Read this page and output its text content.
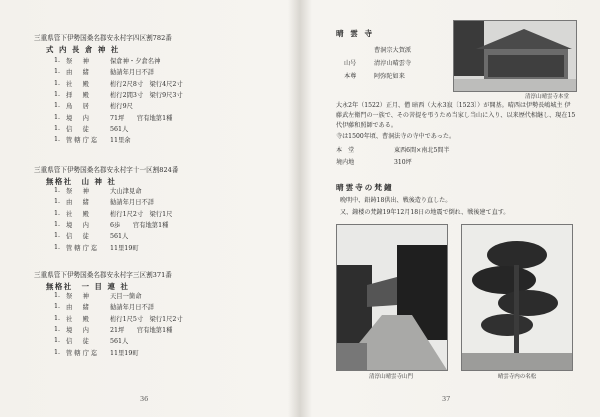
三重県管下伊勢国桑名郡安永村字四区割782番
式 内 長 倉 神 社
1. 祭　神	保倉神・夕倉名神
1. 由　緒	勧請年月日不詳
1. 社　殿	桁行2尺8寸　梁行4尺2寸
1. 拝　殿	桁行2間3寸　梁行9尺3寸
1. 鳥　居	桁行9尺
1. 境　内	71坪　　官有地第1種
1. 信　徒	561人
1. 管轄庁迄	11里余
三重県管下伊勢国桑名郡安永村字十一区割824番
無格社　山 神 社
1. 祭　神	大山津見命
1. 由　緒	勧請年月日不詳
1. 社　殿	桁行1尺2寸　梁行1尺
1. 境　内	6歩　　官有地第1種
1. 信　徒	561人
1. 管轄庁迄	11里19町
三重県管下伊勢国桑名郡安永村字三区割371番
無格社　一 目 連 社
1. 祭　神	天目一箇命
1. 由　緒	勧請年月日不詳
1. 社　殿	桁行1尺5寸　梁行1尺2寸
1. 境　内	21坪　　官有地第1種
1. 信　徒	561人
1. 管轄庁迄	11里19町
36
晴 雲 寺
曹洞宗大賀派
山号	清淳山晴雲寺
本尊	阿弥陀如来
清淳山晴雲寺本堂
大永2年（1522）正月、僧 暗西（大永3寂〔1523〕）が開基。晴西は伊勢長嶋城主 伊藤武左衛門の一族で、その菩提を弔うため当家し当山に入り、以来歴代相継し、現在15代伊藤和照師である。
寺は1500年頃、曹洞法寺の寺中であった。
本　堂	東西6間×南北5間半
境内地	310坪
晴雲寺の梵鐘
晩明中、鉛鋳18供出、戦後造り直した。
又、鐘楼の梵鐘19年12月18日の地震で倒れ、戦後建て直す。
清淳山晴雲寺山門	晴雲寺内の名松
37
